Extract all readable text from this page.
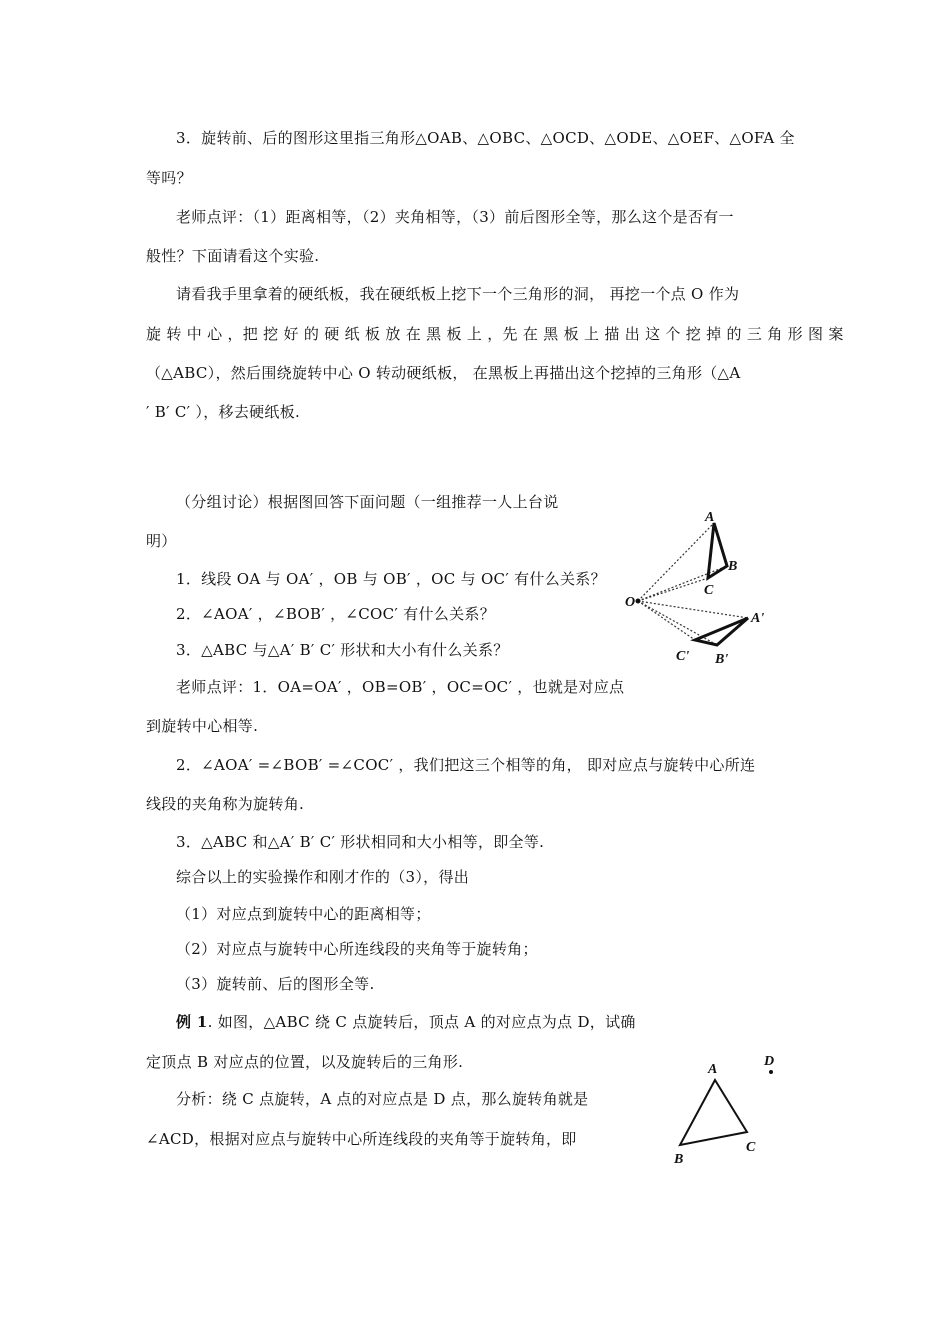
3．旋转前、后的图形这里指三角形△OAB、△OBC、△OCD、△ODE、△OEF、△OFA 全
等吗？
老师点评：（1）距离相等，（2）夹角相等，（3）前后图形全等，那么这个是否有一
般性？下面请看这个实验.
请看我手里拿着的硬纸板，我在硬纸板上挖下一个三角形的洞， 再挖一个点 O 作为
旋 转 中 心 ，把 挖 好 的 硬 纸 板 放 在 黑 板 上 ，先 在 黑 板 上 描 出 这 个 挖 掉 的 三 角 形 图 案
（△ABC），然后围绕旋转中心 O 转动硬纸板， 在黑板上再描出这个挖掉的三角形（△A
′ B′ C′ ），移去硬纸板.
（分组讨论）根据图回答下面问题（一组推荐一人上台说
明）
1．线段 OA 与 OA′ ，OB 与 OB′ ，OC 与 OC′ 有什么关系？
2．∠AOA′ ，∠BOB′ ，∠COC′ 有什么关系？
3．△ABC 与△A′ B′ C′ 形状和大小有什么关系？
老师点评：1．OA=OA′ ，OB=OB′ ，OC=OC′ ，也就是对应点
到旋转中心相等.
2．∠AOA′ =∠BOB′ =∠COC′ ，我们把这三个相等的角， 即对应点与旋转中心所连
线段的夹角称为旋转角.
3．△ABC 和△A′ B′ C′ 形状相同和大小相等，即全等.
综合以上的实验操作和刚才作的（3），得出
（1）对应点到旋转中心的距离相等；
（2）对应点与旋转中心所连线段的夹角等于旋转角；
（3）旋转前、后的图形全等.
例 1. 如图，△ABC 绕 C 点旋转后，顶点 A 的对应点为点 D，试确
定顶点 B 对应点的位置，以及旋转后的三角形.
分析：绕 C 点旋转，A 点的对应点是 D 点，那么旋转角就是
∠ACD，根据对应点与旋转中心所连线段的夹角等于旋转角，即
A
B
C
O
A'
B'
C'
A
B
C
D
